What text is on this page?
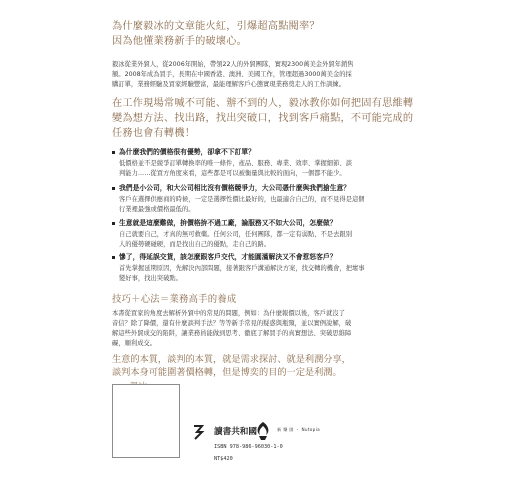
為什麼毅冰的文章能火紅，引爆超高點閱率？

因為他懂業務新手的破壞心。

毅冰從業外貿人，從2006年開始，帶領22人的外貿團隊，實現2300萬美金外貿年銷售

額。2008年成為買手，長期在中國香港、澳洲、美國工作，管理超過3000萬美金的採

購訂單，業務經驗及買家經驗豐富，最能理解客戶心態實現業務奠走人的工作訓練。

在工作現場常喊不可能、辦不到的人，毅冰教你如何把固有思維轉

變為想方法、找出路，找出突破口，找到客戶痛點，不可能完成的

任務也會有轉機！

為什麼我們的價格很有優勢，卻拿不下訂單？

低價格並不是競爭訂單轉換率的唯一條件，產品、服務、專業、效率、掌握細節、談

判能力……從買方角度來看，這些都是可以被衡量與比較的面向，一個都不能少。

我們是小公司，和大公司相比沒有價格競爭力，大公司憑什麼與我們搶生意？

客戶在選擇供應商的時候，一定是選擇性價比最好的，也最適合自己的，而不見得是這個

行業裡最強或價格最低的。

生意就是這麼難做，拚價格拚不過工廠，論服務又不如大公司，怎麼做？

自己就要自己，才真的無可救藥。任何公司，任何團隊，都一定有弱點，不是去跟別

人的優勢硬碰硬，而是找出自己的優點，走自己的路。

慘了，得延誤交貨，該怎麼跟客戶交代，才能圓滿解決又不會惹怒客戶？

首先掌握延期原因，先解決內部問題，接著跟客戶溝通解決方案，找交轉的機會，把壞事

變好事，找出突破點。

技巧＋心法＝業務高手的養成

本書從買家的角度去解析外貿中的常見的問題，例如：為什麼報價以後，客戶就沒了

音信？除了降價，還有什麼談判手法？等等新手常見的疑惑與瓶頸，並以實例說解，破

解這些外貿成交的陷阱，讓業務員能做到思考、徹底了解買手的真實想法、突破思維障

礙，順利成交。

生意的本質，談判的本質，就是需求探討、就是利潤分享，

談判本身可能圍著價格轉，但是博奕的目的一定是利潤。

讀書共和國	新 樂 園 ・ Nutopia
ISBN 978-986-96030-1-0
NT$420
